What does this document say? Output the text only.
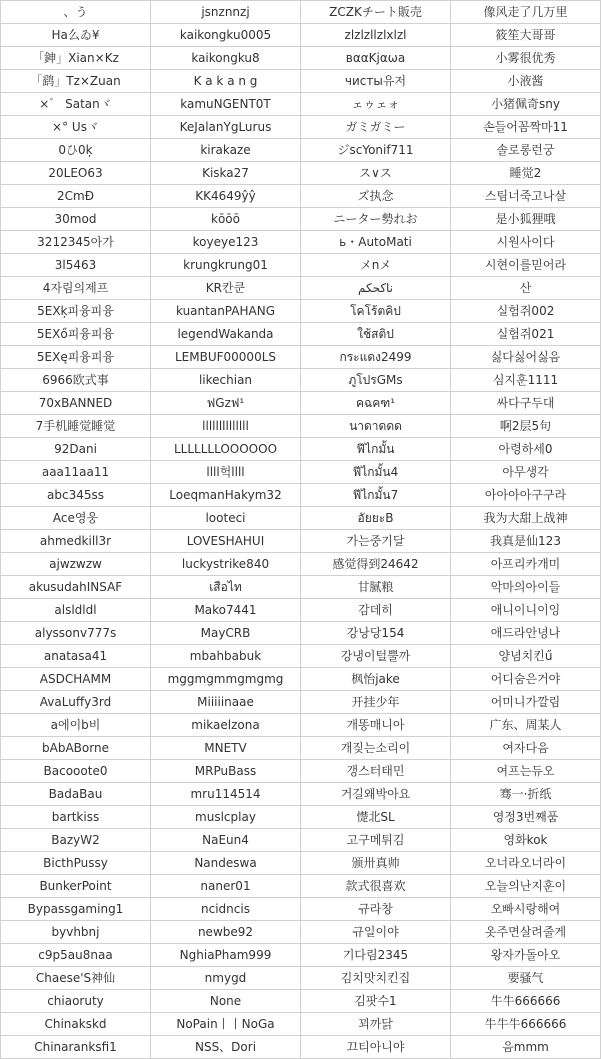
、う	jsnznnzj	ZCZKチート販売	像风走了几万里
Ha么ゐ¥	kaikongku0005	zlzlzllzlxlzl	筱笙大哥哥
「鉮」Xian×Kz	kaikongku8	вααKjαωa	小雾很优秀
「鹞」Tz×Zuan	K a k a n g	чисты유저	小液酱
×゛ Satanヾ	kamuNGENT0T	ェゥェォ	小猪佩奇sny
×° Usヾ	KeJalanYgLurus	ガミガミー	손들어꼼짝마11
0ひ0ķ	kirakaze	ジscYonif711	솔로롱런궁
20LEO63	Kiska27	ス∨ス	睡觉2
2CmĐ	KK4649ŷŷ	ズ执念	스팀너죽고나살
30mod	kōōō	ニーター勢れお	是小狐狸哦
3212345아가	koyeye123	ь・AutoMati	시원사이다
3l5463	krungkrung01	メnメ	시현이를믿어라
4자림의제프	KR칸쿤	ناکحکم	산
5EXķ피융피융	kuantanPAHANG	โคโร้ตคิป	실험쥐002
5EXő피융피융	legendWakanda	ใช้สติป	실험쥐021
5EXę피융피융	LEMBUF00000LS	กระแดง2499	싫다싫어싫음
6966欧式事	likechian	ภูโปรGMs	심지훈1111
70xBANNED	ฟGzฟ¹	คฉคฑ¹	싸다구두대
7手机睡觉睡觉	llllllllllllll	นาดาดดด	啊2层5句
92Dani	LLLLLLLOOOOOO	ฟีไกมั้น	아령하세0
aaa11aa11	llll헉llll	ฟีไกมั้น4	아무생각
abc345ss	LoeqmanHakym32	ฟีไกมั้น7	아아아아구구라
Ace영웅	looteci	อัยยะB	我为大甜上战神
ahmedkill3r	LOVESHAHUI	가는중기달	我真是仙123
ajwzwzw	luckystrike840	感觉得到24642	아프리카개미
akusudahINSAF	เสือไท	甘腻粮	악마의아이들
alsldldl	Mako7441	감데히	애니이니이잉
alyssonv777s	MayCRB	강낭당154	애드라안녕나
anatasa41	mbahbabuk	강냉이털뿔까	양념치킨ű
ASDCHAMM	mggmgmmgmgmg	枫怡jake	어디숨은거야
AvaLuffy3rd	Miiiiinaae	开挂少年	어미니가깔림
a에이b비	mikaelzona	개똥매니아	广东、周某人
bAbABorne	MNETV	개짖는소리이	여자다음
Bacooote0	MRPuBass	갱스터태민	여프는듀오
BadaBau	mru114514	거길왜박아요	骞一·折纸
bartkiss	muslcplay	憷北SL	영정3번째품
BazyW2	NaEun4	고구메튀김	영화kok
BicthPussy	Nandeswa	颁卅真帅	오너라오너라이
BunkerPoint	naner01	款式很喜欢	오늘의난지훈이
Bypassgaming1	ncidncis	규라창	오빠시랑해여
byvhbnj	newbe92	규일이야	옷주면살려줄게
c9p5au8naa	NghiaPham999	기다림2345	왕자가돌아오
Chaese'S神仙	nmygd	김치맛치킨집	要骚气
chiaoruty	None	김팟수1	牛牛666666
Chinakskd	NoPain丨丨NoGa	꾀까닭	牛牛牛666666
Chinaranksfi1	NSS、Dori	끄티아니야	음mmm
